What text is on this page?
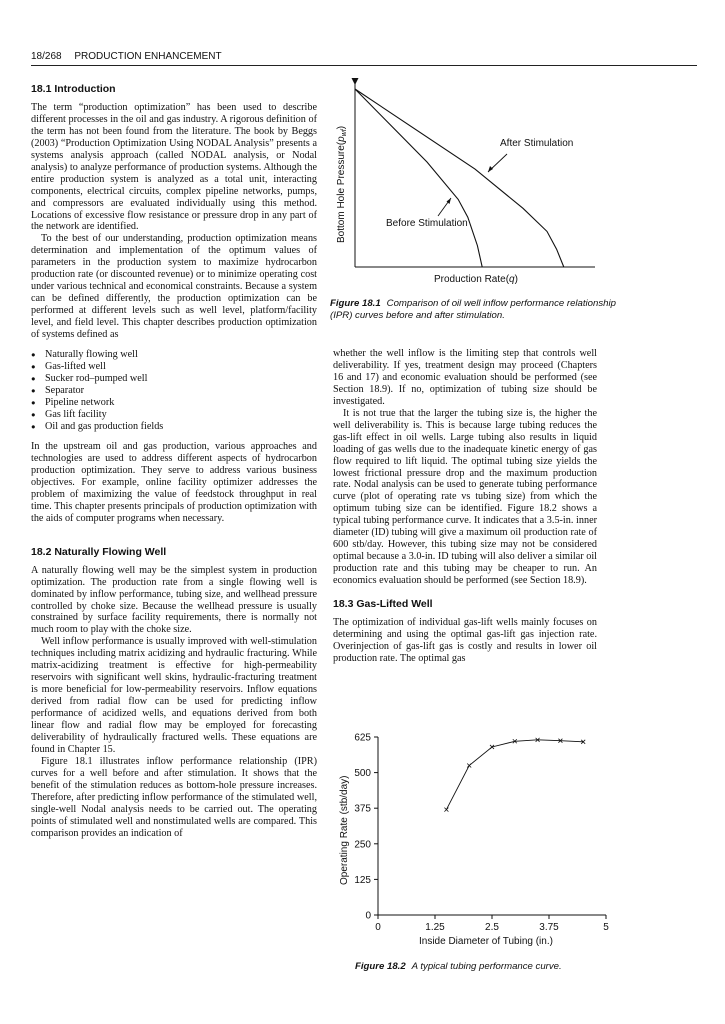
18/268 PRODUCTION ENHANCEMENT
18.1 Introduction

The term “production optimization” has been used to describe different processes in the oil and gas industry. A rigorous definition of the term has not been found from the literature. The book by Beggs (2003) “Production Optimization Using NODAL Analysis” presents a systems analysis approach (called NODAL analysis, or Nodal analysis) to analyze performance of production systems. Although the entire production system is analyzed as a total unit, interacting components, electrical circuits, complex pipeline networks, pumps, and compressors are evaluated individually using this method. Locations of excessive flow resistance or pressure drop in any part of the network are identified.

To the best of our understanding, production optimization means determination and implementation of the optimum values of parameters in the production system to maximize hydrocarbon production rate (or discounted revenue) or to minimize operating cost under various technical and economical constraints. Because a system can be defined differently, the production optimization can be performed at different levels such as well level, platform/facility level, and field level. This chapter describes production optimization of systems defined as

● Naturally flowing well
● Gas-lifted well
● Sucker rod–pumped well
● Separator
● Pipeline network
● Gas lift facility
● Oil and gas production fields

In the upstream oil and gas production, various approaches and technologies are used to address different aspects of hydrocarbon production optimization. They serve to address various business objectives. For example, online facility optimizer addresses the problem of maximizing the value of feedstock throughput in real time. This chapter presents principals of production optimization with the aids of computer programs when necessary.

18.2 Naturally Flowing Well

A naturally flowing well may be the simplest system in production optimization. The production rate from a single flowing well is dominated by inflow performance, tubing size, and wellhead pressure controlled by choke size. Because the wellhead pressure is usually constrained by surface facility requirements, there is normally not much room to play with the choke size.

Well inflow performance is usually improved with well-stimulation techniques including matrix acidizing and hydraulic fracturing. While matrix-acidizing treatment is effective for high-permeability reservoirs with significant well skins, hydraulic-fracturing treatment is more beneficial for low-permeability reservoirs. Inflow equations derived from radial flow can be used for predicting inflow performance of acidized wells, and equations derived from both linear flow and radial flow may be employed for forecasting deliverability of hydraulically fractured wells. These equations are found in Chapter 15.

Figure 18.1 illustrates inflow performance relationship (IPR) curves for a well before and after stimulation. It shows that the benefit of the stimulation reduces as bottom-hole pressure increases. Therefore, after predicting inflow performance of the stimulated well, single-well Nodal analysis needs to be carried out. The operating points of stimulated well and nonstimulated wells are compared. This comparison provides an indication of

After Stimulation
Before Stimulation
Bottom Hole $Pressure(p_{wf})$
Production Rate(q)
Figure 18.1 Comparison of oil well inflow performance relationship (IPR) curves before and after stimulation.

whether the well inflow is the limiting step that controls well deliverability. If yes, treatment design may proceed (Chapters 16 and 17) and economic evaluation should be performed (see Section 18.9). If no, optimization of tubing size should be investigated.

It is not true that the larger the tubing size is, the higher the well deliverability is. This is because large tubing reduces the gas-lift effect in oil wells. Large tubing also results in liquid loading of gas wells due to the inadequate kinetic energy of gas flow required to lift liquid. The optimal tubing size yields the lowest frictional pressure drop and the maximum production rate. Nodal analysis can be used to generate tubing performance curve (plot of operating rate vs tubing size) from which the optimum tubing size can be identified. Figure 18.2 shows a typical tubing performance curve. It indicates that a 3.5-in. inner diameter (ID) tubing will give a maximum oil production rate of 600 stb/day. However, this tubing size may not be considered optimal because a 3.0-in. ID tubing will also deliver a similar oil production rate and this tubing may be cheaper to run. An economics evaluation should be performed (see Section 18.9).

18.3 Gas-Lifted Well

The optimization of individual gas-lift wells mainly focuses on determining and using the optimal gas-lift gas injection rate. Overinjection of gas-lift gas is costly and results in lower oil production rate. The optimal gas

0
125
250
375
500
625
0	1.25	2.5	3.75	5
Operating Rate (stb/day)
Inside Diameter of Tubing (in.)
Figure 18.2 A typical tubing performance curve.
